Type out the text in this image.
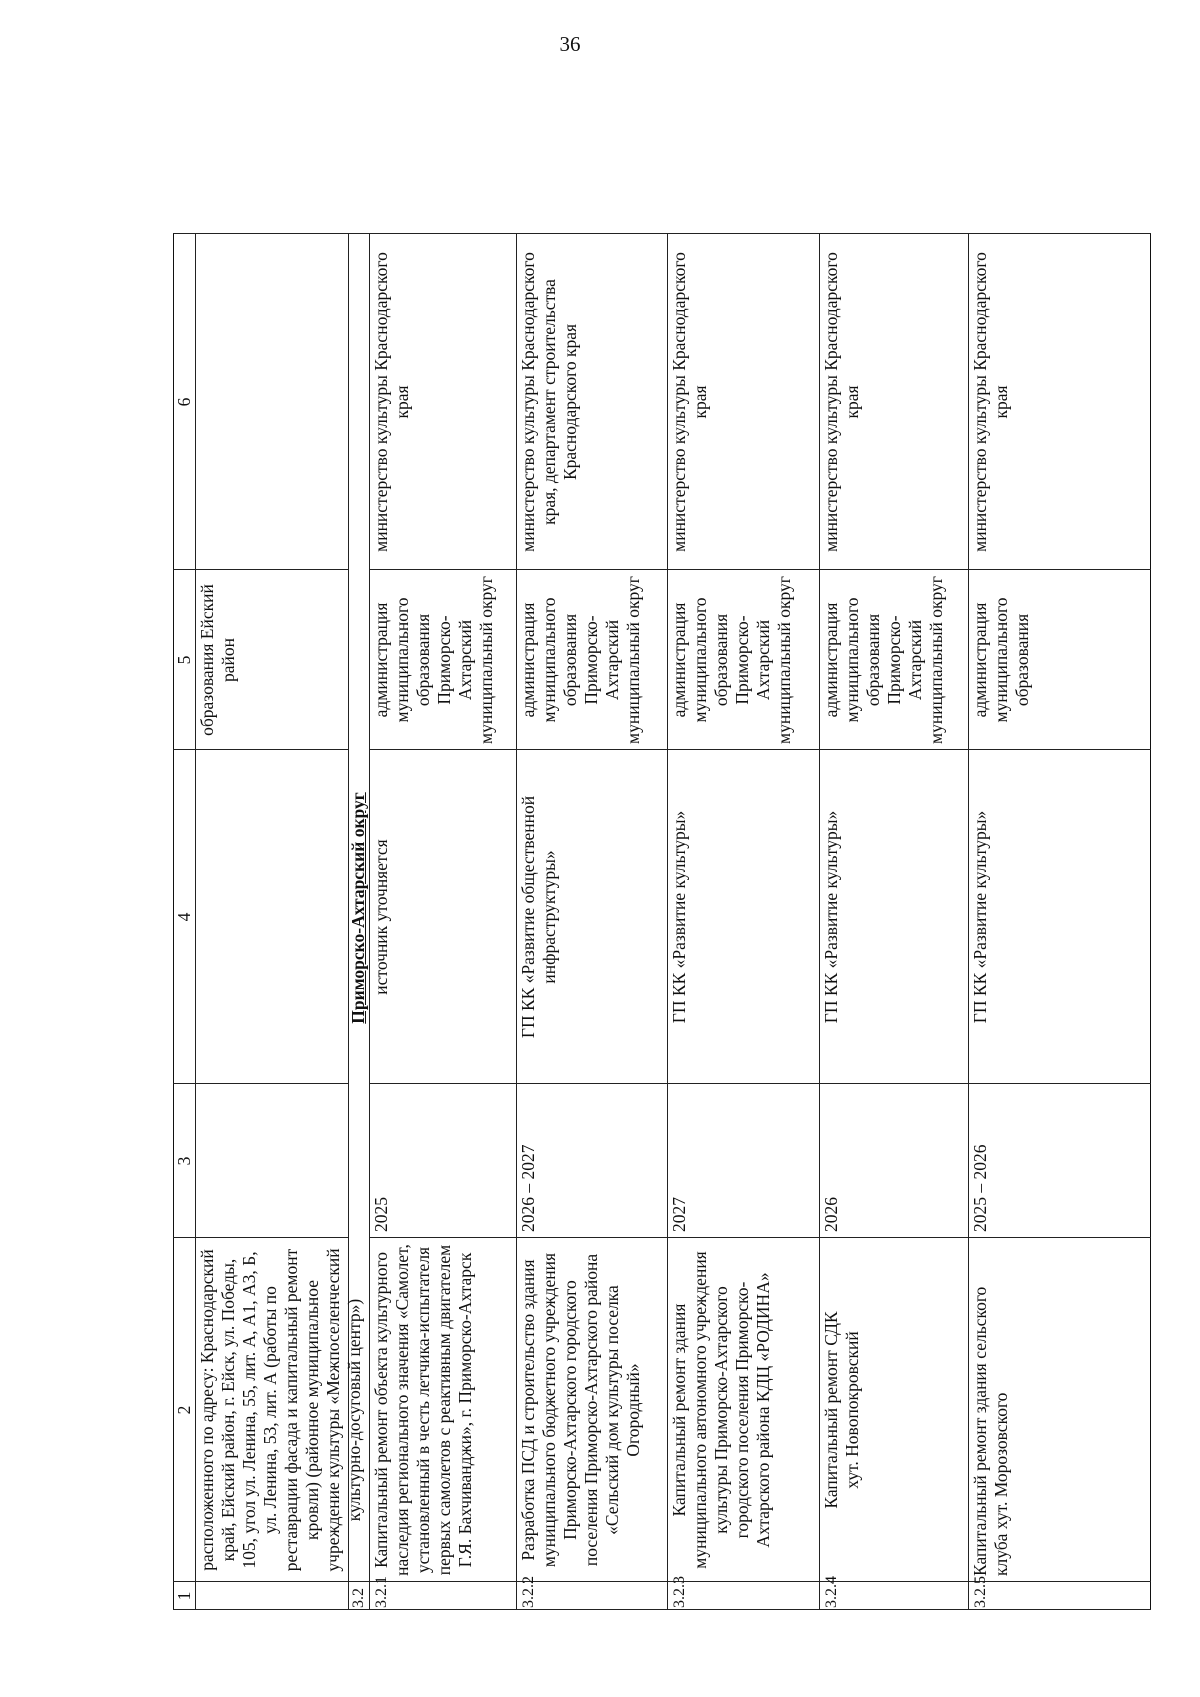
36
1
2
3
4
5
6
расположенного по адресу: Краснодарский край, Ейский район, г. Ейск, ул. Победы, 105, угол ул. Ленина, 55, лит. А, А1, А3, Б, ул. Ленина, 53, лит. А (работы по реставрации фасада и капитальный ремонт кровли) (районное муниципальное учреждение культуры «Межпоселенческий культурно-досуговый центр»)
образования Ейский район
3.2
Приморско-Ахтарский округ
3.2.1
Капитальный ремонт объекта культурного наследия регионального значения «Самолет, установленный в честь летчика-испытателя первых самолетов с реактивным двигателем Г.Я. Бахчиванджи», г. Приморско-Ахтарск
2025
источник уточняется
администрация муниципального образования Приморско-Ахтарский муниципальный округ
министерство культуры Краснодарского края
3.2.2
Разработка ПСД и строительство здания муниципального бюджетного учреждения Приморско-Ахтарского городского поселения Приморско-Ахтарского района «Сельский дом культуры поселка Огородный»
2026 – 2027
ГП КК «Развитие общественной инфраструктуры»
администрация муниципального образования Приморско-Ахтарский муниципальный округ
министерство культуры Краснодарского края, департамент строительства Краснодарского края
3.2.3
Капитальный ремонт здания муниципального автономного учреждения культуры Приморско-Ахтарского городского поселения Приморско-Ахтарского района КДЦ «РОДИНА»
2027
ГП КК «Развитие культуры»
администрация муниципального образования Приморско-Ахтарский муниципальный округ
министерство культуры Краснодарского края
3.2.4
Капитальный ремонт СДК хут. Новопокровский
2026
ГП КК «Развитие культуры»
администрация муниципального образования Приморско-Ахтарский муниципальный округ
министерство культуры Краснодарского края
3.2.5
Капитальный ремонт здания сельского клуба хут. Морозовского
2025 – 2026
ГП КК «Развитие культуры»
администрация муниципального образования
министерство культуры Краснодарского края
